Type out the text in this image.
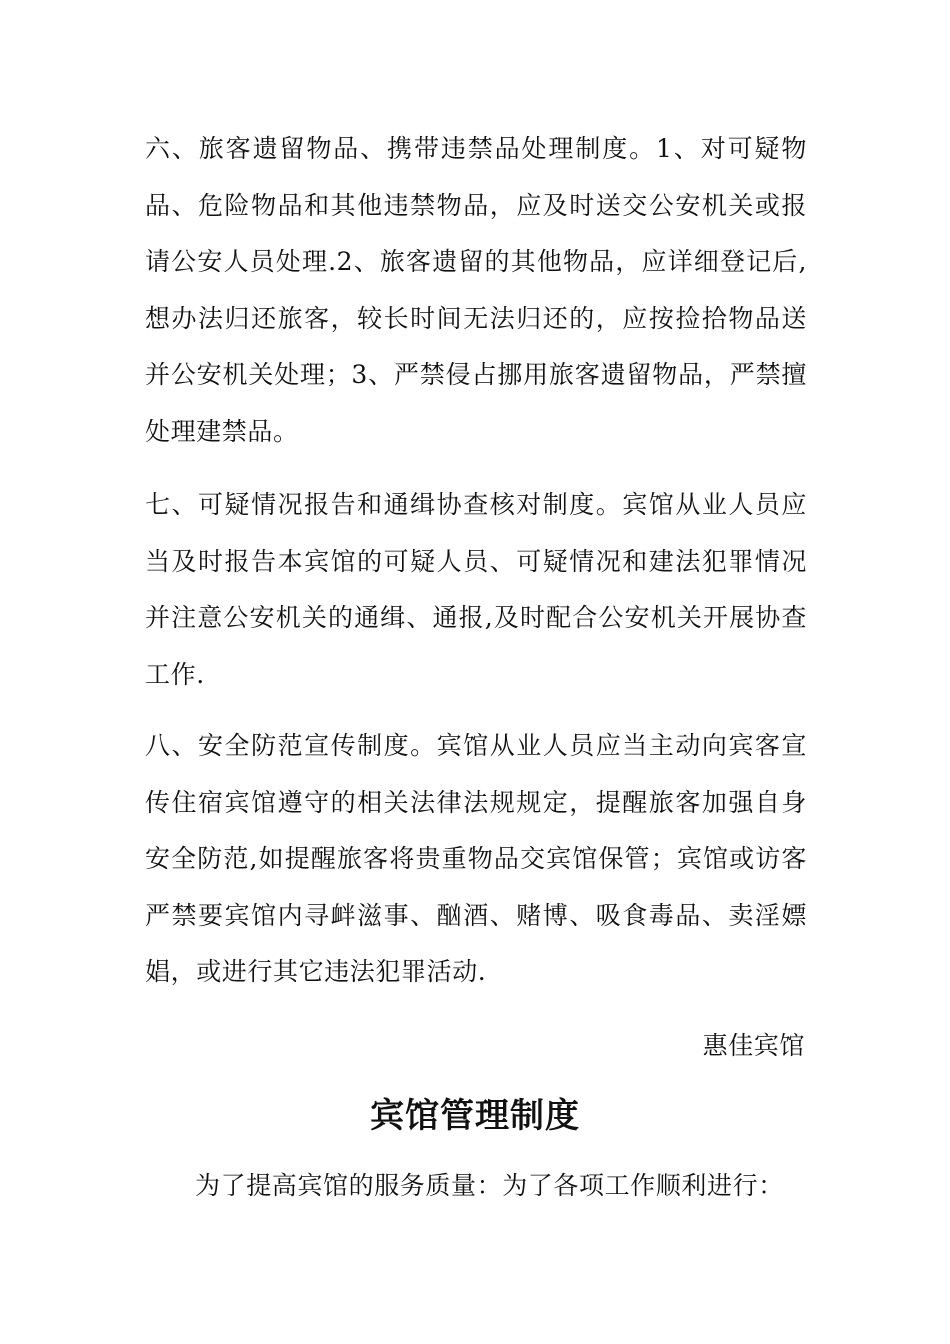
六、旅客遗留物品、携带违禁品处理制度。1、对可疑物品、危险物品和其他违禁物品，应及时送交公安机关或报请公安人员处理.2、旅客遗留的其他物品，应详细登记后,想办法归还旅客，较长时间无法归还的，应按捡拾物品送并公安机关处理；3、严禁侵占挪用旅客遗留物品，严禁擅处理建禁品。

七、可疑情况报告和通缉协查核对制度。宾馆从业人员应当及时报告本宾馆的可疑人员、可疑情况和建法犯罪情况并注意公安机关的通缉、通报,及时配合公安机关开展协查工作.

八、安全防范宣传制度。宾馆从业人员应当主动向宾客宣传住宿宾馆遵守的相关法律法规规定，提醒旅客加强自身安全防范,如提醒旅客将贵重物品交宾馆保管；宾馆或访客严禁要宾馆内寻衅滋事、酗酒、赌博、吸食毒品、卖淫嫖娼，或进行其它违法犯罪活动.

惠佳宾馆

宾馆管理制度

为了提高宾馆的服务质量：为了各项工作顺利进行：
